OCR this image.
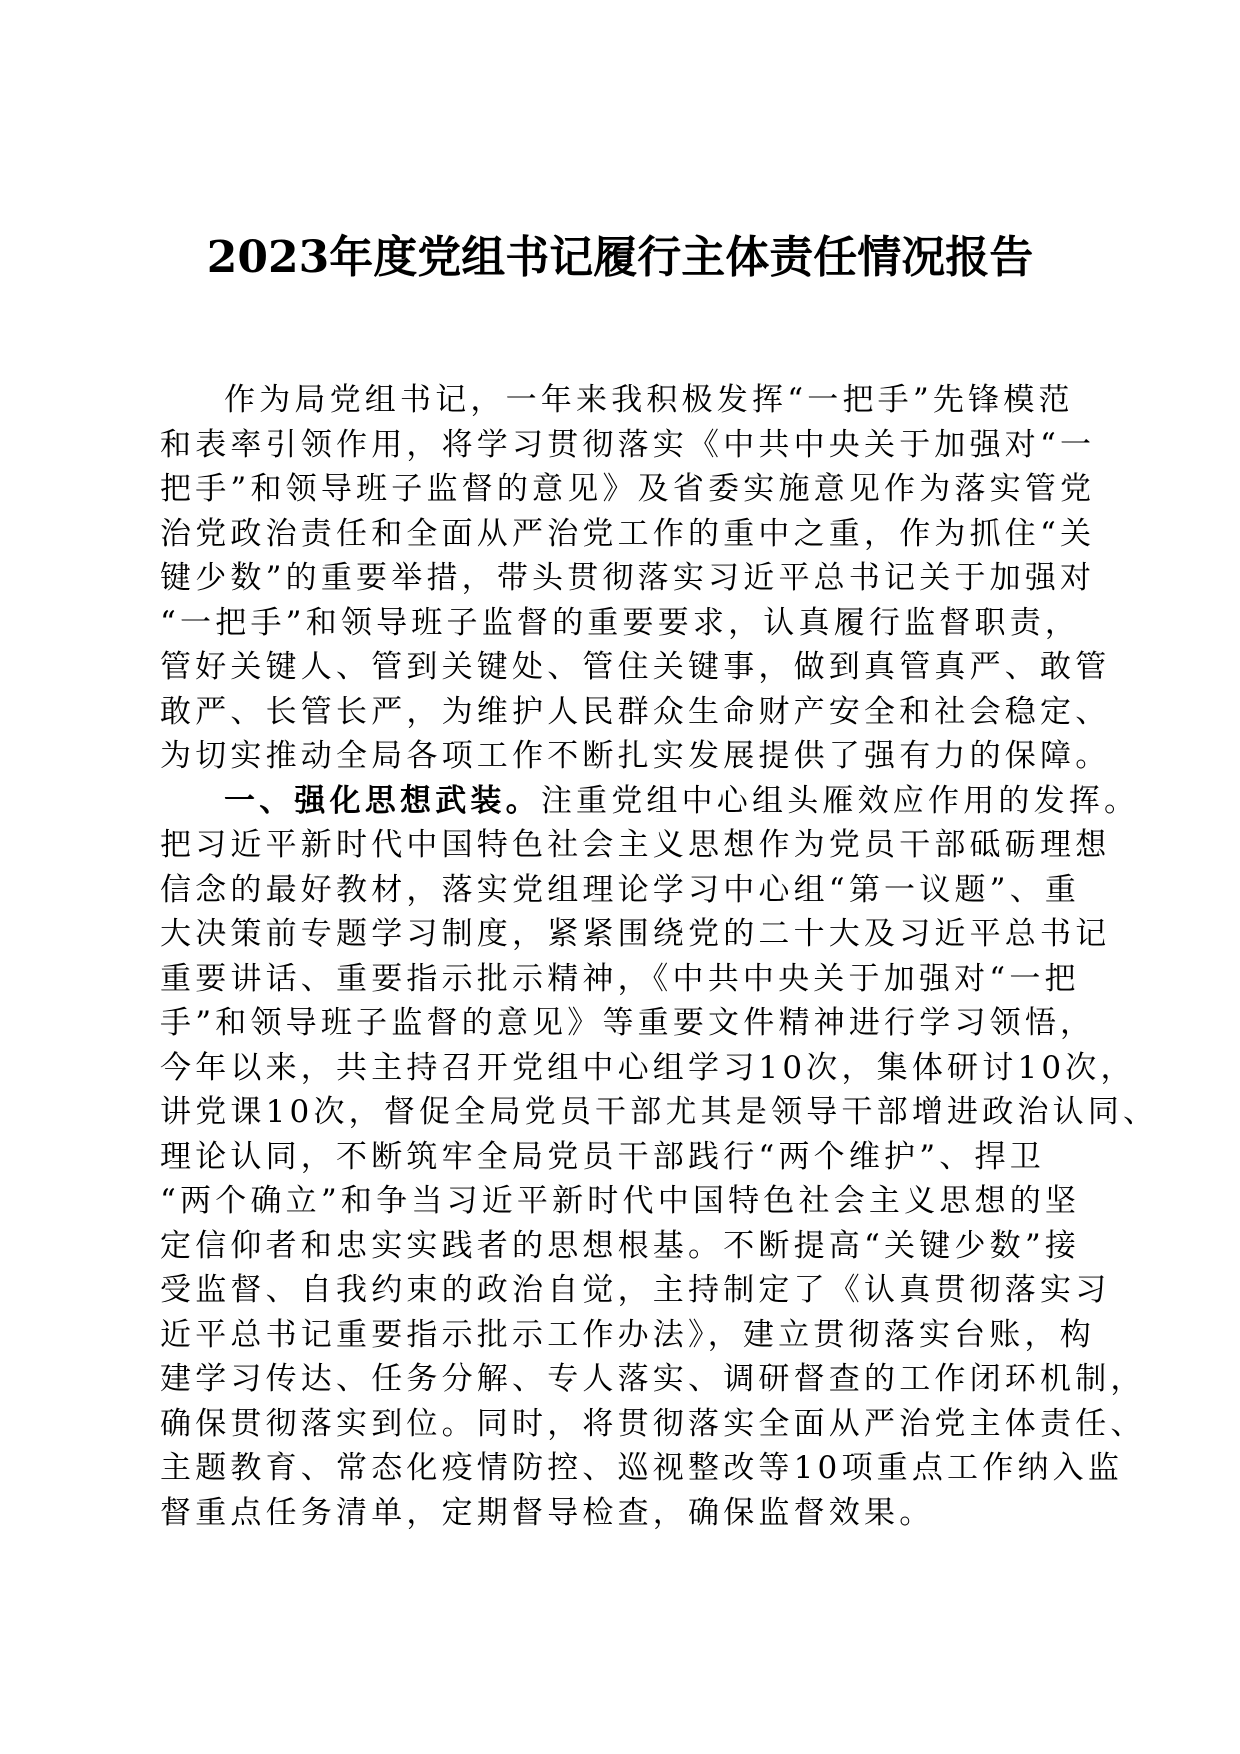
2023年度党组书记履行主体责任情况报告
作为局党组书记，一年来我积极发挥“一把手”先锋模范
和表率引领作用，将学习贯彻落实《中共中央关于加强对“一
把手”和领导班子监督的意见》及省委实施意见作为落实管党
治党政治责任和全面从严治党工作的重中之重，作为抓住“关
键少数”的重要举措，带头贯彻落实习近平总书记关于加强对
“一把手”和领导班子监督的重要要求，认真履行监督职责，
管好关键人、管到关键处、管住关键事，做到真管真严、敢管
敢严、长管长严，为维护人民群众生命财产安全和社会稳定、
为切实推动全局各项工作不断扎实发展提供了强有力的保障。
一、强化思想武装。注重党组中心组头雁效应作用的发挥。
把习近平新时代中国特色社会主义思想作为党员干部砥砺理想
信念的最好教材，落实党组理论学习中心组“第一议题”、重
大决策前专题学习制度，紧紧围绕党的二十大及习近平总书记
重要讲话、重要指示批示精神，《中共中央关于加强对“一把
手”和领导班子监督的意见》等重要文件精神进行学习领悟，
今年以来，共主持召开党组中心组学习10次，集体研讨10次，
讲党课10次，督促全局党员干部尤其是领导干部增进政治认同、
理论认同，不断筑牢全局党员干部践行“两个维护”、捍卫
“两个确立”和争当习近平新时代中国特色社会主义思想的坚
定信仰者和忠实实践者的思想根基。不断提高“关键少数”接
受监督、自我约束的政治自觉，主持制定了《认真贯彻落实习
近平总书记重要指示批示工作办法》，建立贯彻落实台账，构
建学习传达、任务分解、专人落实、调研督查的工作闭环机制，
确保贯彻落实到位。同时，将贯彻落实全面从严治党主体责任、
主题教育、常态化疫情防控、巡视整改等10项重点工作纳入监
督重点任务清单，定期督导检查，确保监督效果。
